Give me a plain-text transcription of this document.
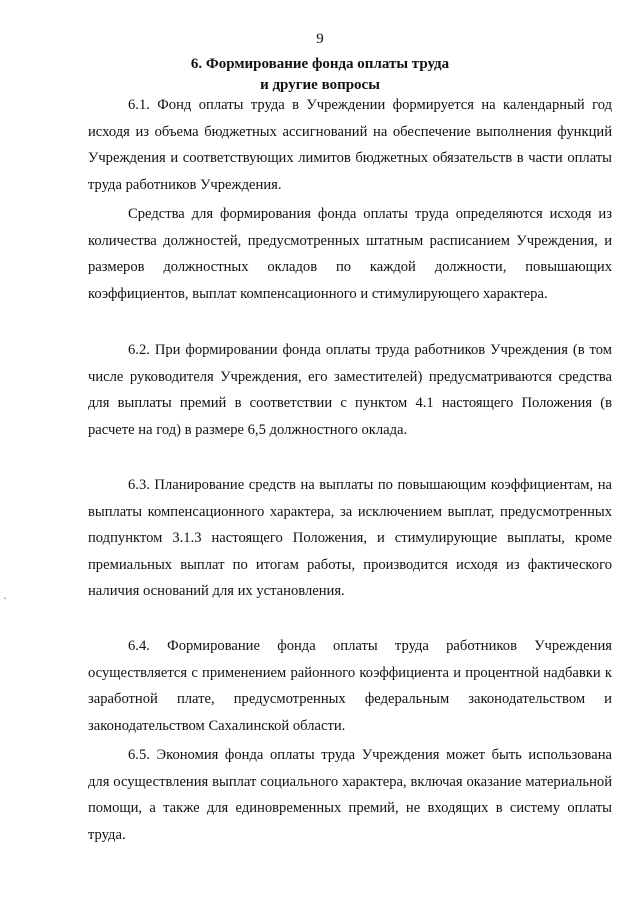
9
6. Формирование фонда оплаты труда
и другие вопросы

6.1. Фонд оплаты труда в Учреждении формируется на календарный год исходя из объема бюджетных ассигнований на обеспечение выполнения функций Учреждения и соответствующих лимитов бюджетных обязательств в части оплаты труда работников Учреждения.

Средства для формирования фонда оплаты труда определяются исходя из количества должностей, предусмотренных штатным расписанием Учреждения, и размеров должностных окладов по каждой должности, повышающих коэффициентов, выплат компенсационного и стимулирующего характера.

6.2. При формировании фонда оплаты труда работников Учреждения (в том числе руководителя Учреждения, его заместителей) предусматриваются средства для выплаты премий в соответствии с пунктом 4.1 настоящего Положения (в расчете на год) в размере 6,5 должностного оклада.

6.3. Планирование средств на выплаты по повышающим коэффициентам, на выплаты компенсационного характера, за исключением выплат, предусмотренных подпунктом 3.1.3 настоящего Положения, и стимулирующие выплаты, кроме премиальных выплат по итогам работы, производится исходя из фактического наличия оснований для их установления.

6.4. Формирование фонда оплаты труда работников Учреждения осуществляется с применением районного коэффициента и процентной надбавки к заработной плате, предусмотренных федеральным законодательством и законодательством Сахалинской области.

6.5. Экономия фонда оплаты труда Учреждения может быть использована для осуществления выплат социального характера, включая оказание материальной помощи, а также для единовременных премий, не входящих в систему оплаты труда.

·
